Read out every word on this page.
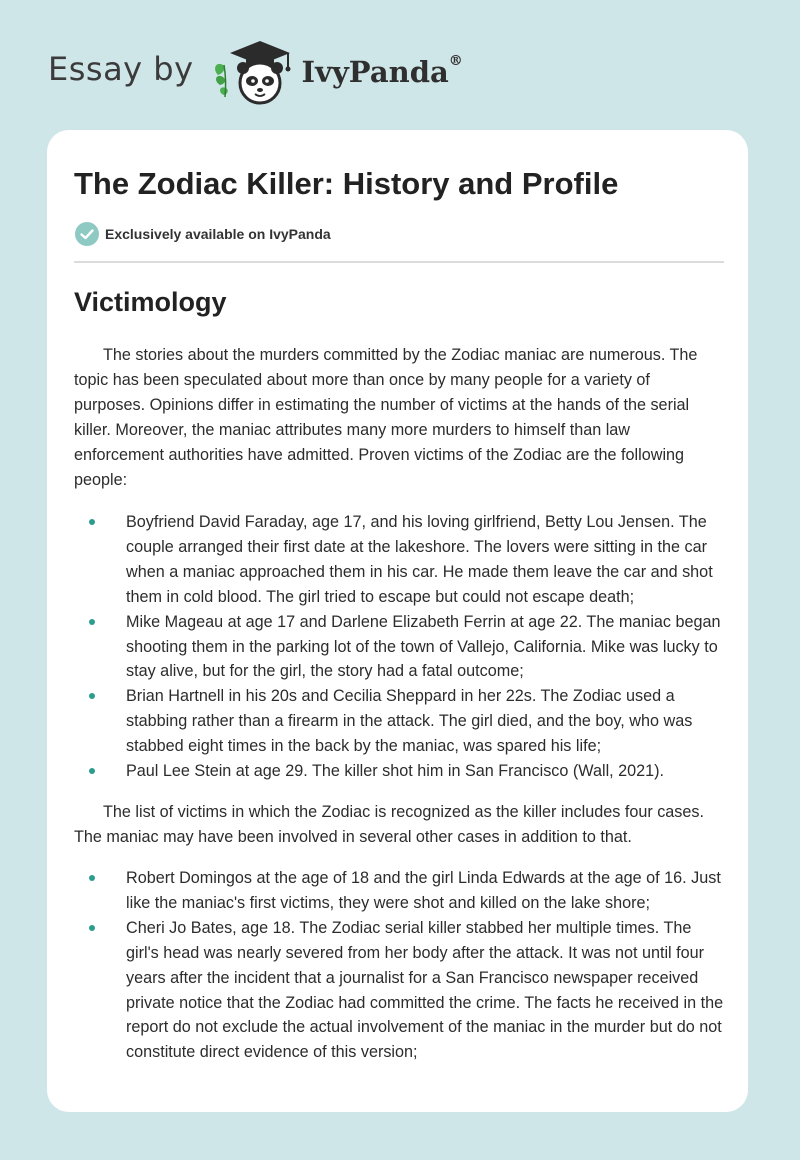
Essay by	IvyPanda®
The Zodiac Killer: History and Profile
Exclusively available on IvyPanda
Victimology

The stories about the murders committed by the Zodiac maniac are numerous. The topic has been speculated about more than once by many people for a variety of purposes. Opinions differ in estimating the number of victims at the hands of the serial killer. Moreover, the maniac attributes many more murders to himself than law enforcement authorities have admitted. Proven victims of the Zodiac are the following people:

Boyfriend David Faraday, age 17, and his loving girlfriend, Betty Lou Jensen. The couple arranged their first date at the lakeshore. The lovers were sitting in the car when a maniac approached them in his car. He made them leave the car and shot them in cold blood. The girl tried to escape but could not escape death;
Mike Mageau at age 17 and Darlene Elizabeth Ferrin at age 22. The maniac began shooting them in the parking lot of the town of Vallejo, California. Mike was lucky to stay alive, but for the girl, the story had a fatal outcome;
Brian Hartnell in his 20s and Cecilia Sheppard in her 22s. The Zodiac used a stabbing rather than a firearm in the attack. The girl died, and the boy, who was stabbed eight times in the back by the maniac, was spared his life;
Paul Lee Stein at age 29. The killer shot him in San Francisco (Wall, 2021).

The list of victims in which the Zodiac is recognized as the killer includes four cases. The maniac may have been involved in several other cases in addition to that.

Robert Domingos at the age of 18 and the girl Linda Edwards at the age of 16. Just like the maniac's first victims, they were shot and killed on the lake shore;
Cheri Jo Bates, age 18. The Zodiac serial killer stabbed her multiple times. The girl's head was nearly severed from her body after the attack. It was not until four years after the incident that a journalist for a San Francisco newspaper received private notice that the Zodiac had committed the crime. The facts he received in the report do not exclude the actual involvement of the maniac in the murder but do not constitute direct evidence of this version;
